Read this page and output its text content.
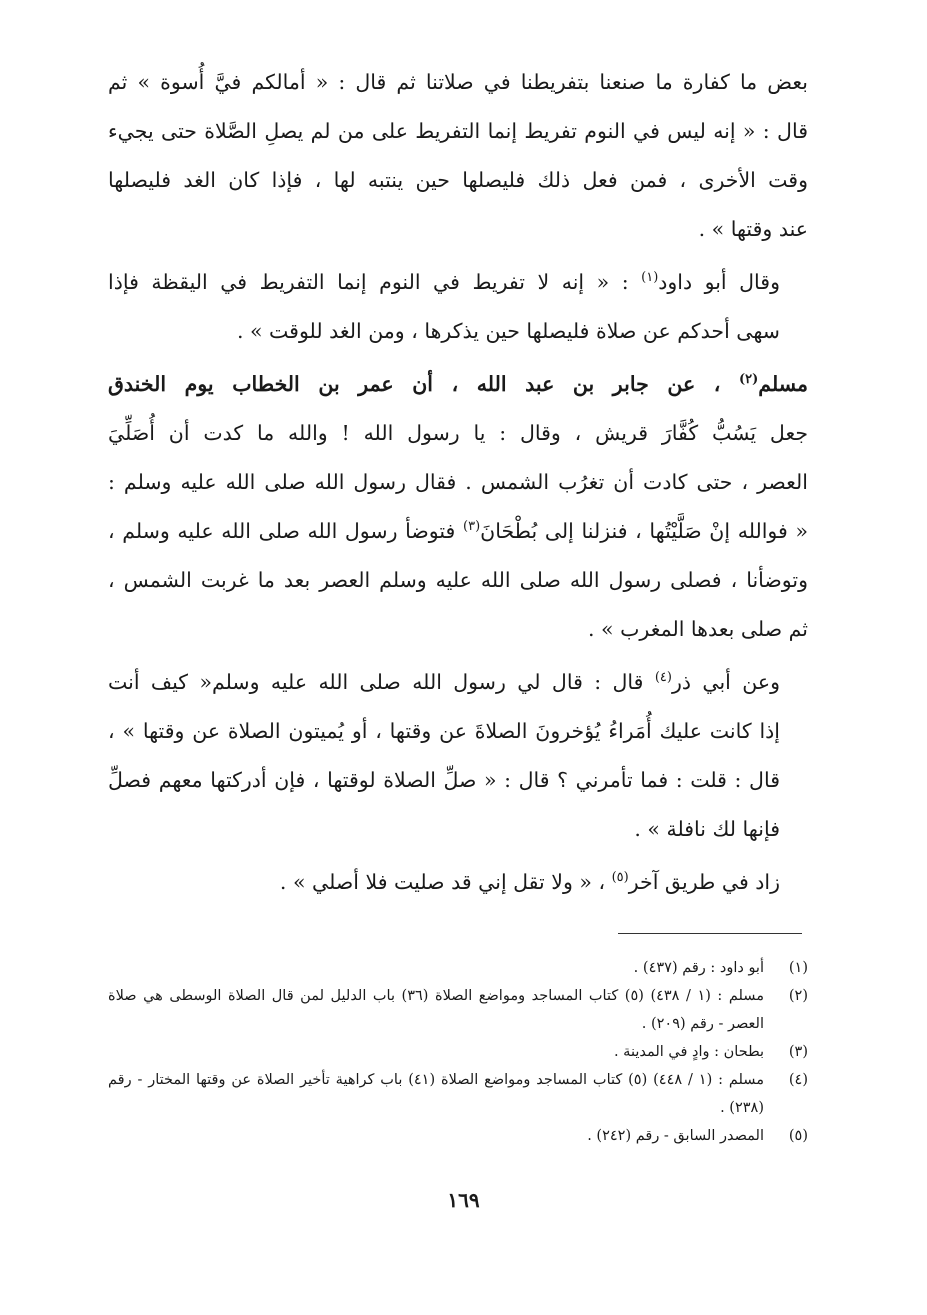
بعض ما كفارة ما صنعنا بتفريطنا في صلاتنا ثم قال : « أمالكم فيَّ أُسوة » ثم
قال : « إنه ليس في النوم تفريط إنما التفريط على من لم يصلِ الصَّلاة حتى يجيء
وقت الأخرى ، فمن فعل ذلك فليصلها حين ينتبه لها ، فإذا كان الغد فليصلها
عند وقتها » .

وقال أبو داود$^{(١)}$ : « إنه لا تفريط في النوم إنما التفريط في اليقظة فإذا
سهى أحدكم عن صلاة فليصلها حين يذكرها ، ومن الغد للوقت » .

مسلم$^{(٢)}$ ، عن جابر بن عبد الله ، أن عمر بن الخطاب يوم الخندق
جعل يَسُبُّ كُفَّارَ قريش ، وقال : يا رسول الله ! والله ما كدت أن أُصَلِّيَ
العصر ، حتى كادت أن تغرُب الشمس . فقال رسول الله صلى الله عليه وسلم :
« فوالله إنْ صَلَّيْتُها ، فنزلنا إلى بُطْحَانَ$^{(٣)}$ فتوضأ رسول الله صلى الله عليه وسلم ،
وتوضأنا ، فصلى رسول الله صلى الله عليه وسلم العصر بعد ما غربت الشمس ،
ثم صلى بعدها المغرب » .

وعن أبي ذر$^{(٤)}$ قال : قال لي رسول الله صلى الله عليه وسلم« كيف أنت
إذا كانت عليك أُمَراءُ يُؤخرونَ الصلاةَ عن وقتها ، أو يُميتون الصلاة عن وقتها » ،
قال : قلت : فما تأمرني ؟ قال : « صلِّ الصلاة لوقتها ، فإن أدركتها معهم فصلِّ
فإنها لك نافلة » .

زاد في طريق آخر$^{(٥)}$ ، « ولا تقل إني قد صليت فلا أصلي » .

(١)
أبو داود : رقم (٤٣٧) .
(٢)
مسلم : (١ / ٤٣٨) (٥) كتاب المساجد ومواضع الصلاة (٣٦) باب الدليل لمن قال الصلاة الوسطى هي صلاة العصر - رقم (٢٠٩) .
(٣)
بطحان : وادٍ في المدينة .
(٤)
مسلم : (١ / ٤٤٨) (٥) كتاب المساجد ومواضع الصلاة (٤١) باب كراهية تأخير الصلاة عن وقتها المختار - رقم (٢٣٨) .
(٥)
المصدر السابق - رقم (٢٤٢) .
١٦٩
